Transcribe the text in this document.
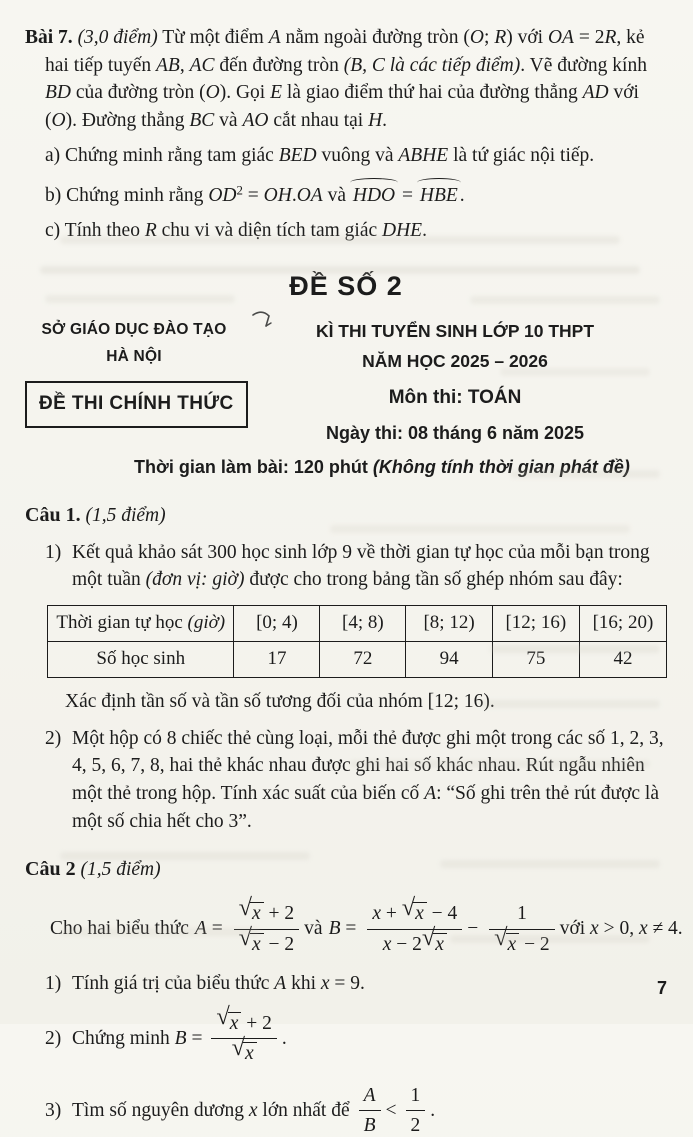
Bài 7. (3,0 điểm) Từ một điểm A nằm ngoài đường tròn (O; R) với OA = 2R, kẻ hai tiếp tuyến AB, AC đến đường tròn (B, C là các tiếp điểm). Vẽ đường kính BD của đường tròn (O). Gọi E là giao điểm thứ hai của đường thẳng AD với (O). Đường thẳng BC và AO cắt nhau tại H.
a) Chứng minh rằng tam giác BED vuông và ABHE là tứ giác nội tiếp.
b) Chứng minh rằng $OD^2 = OH.OA$ và HDO = HBE .
c) Tính theo R chu vi và diện tích tam giác DHE.
ĐỀ SỐ 2
SỞ GIÁO DỤC ĐÀO TẠO
HÀ NỘI
ĐỀ THI CHÍNH THỨC
KÌ THI TUYỂN SINH LỚP 10 THPT
NĂM HỌC 2025 – 2026
Môn thi: TOÁN
Ngày thi: 08 tháng 6 năm 2025
Thời gian làm bài: 120 phút (Không tính thời gian phát đề)
Câu 1. (1,5 điểm)
1) Kết quả khảo sát 300 học sinh lớp 9 về thời gian tự học của mỗi bạn trong một tuần (đơn vị: giờ) được cho trong bảng tần số ghép nhóm sau đây:
Thời gian tự học (giờ)	[0; 4)	[4; 8)	[8; 12)	[12; 16)	[16; 20)
Số học sinh	17	72	94	75	42
Xác định tần số và tần số tương đối của nhóm [12; 16).
2) Một hộp có 8 chiếc thẻ cùng loại, mỗi thẻ được ghi một trong các số 1, 2, 3, 4, 5, 6, 7, 8, hai thẻ khác nhau được ghi hai số khác nhau. Rút ngẫu nhiên một thẻ trong hộp. Tính xác suất của biến cố A: “Số ghi trên thẻ rút được là một số chia hết cho 3”.
Câu 2 (1,5 điểm)
Cho hai biểu thức A = √ x + 2
√ x − 2 và $B = \frac{x + √ x - 4}{x - 2 √ x} - 1$
√ x − 2 với x > 0, x ≠ 4.
1) Tính giá trị của biểu thức A khi x = 9.
2) Chứng minh B = √ x + 2
√ x .
3) Tìm số nguyên dương x lớn nhất để $\frac{A}{B} < \frac{1}{2}$ .
7
